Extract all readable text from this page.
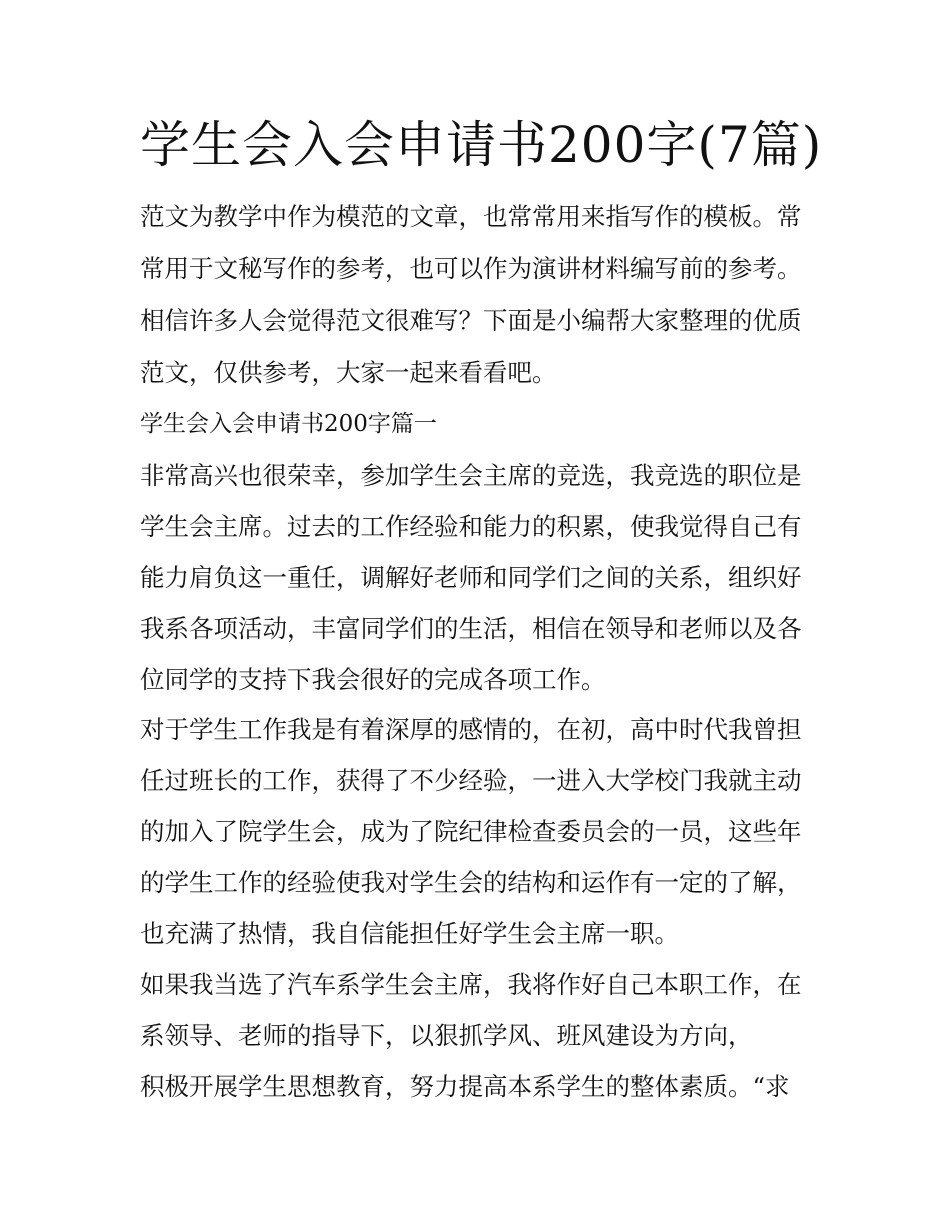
学生会入会申请书200字(7篇)

范文为教学中作为模范的文章，也常常用来指写作的模板。常

常用于文秘写作的参考，也可以作为演讲材料编写前的参考。

相信许多人会觉得范文很难写？下面是小编帮大家整理的优质

范文，仅供参考，大家一起来看看吧。

学生会入会申请书200字篇一

非常高兴也很荣幸，参加学生会主席的竞选，我竞选的职位是

学生会主席。过去的工作经验和能力的积累，使我觉得自己有

能力肩负这一重任，调解好老师和同学们之间的关系，组织好

我系各项活动，丰富同学们的生活，相信在领导和老师以及各

位同学的支持下我会很好的完成各项工作。

对于学生工作我是有着深厚的感情的，在初，高中时代我曾担

任过班长的工作，获得了不少经验，一进入大学校门我就主动

的加入了院学生会，成为了院纪律检查委员会的一员，这些年

的学生工作的经验使我对学生会的结构和运作有一定的了解，

也充满了热情，我自信能担任好学生会主席一职。

如果我当选了汽车系学生会主席，我将作好自己本职工作，在

系领导、老师的指导下，以狠抓学风、班风建设为方向，

积极开展学生思想教育，努力提高本系学生的整体素质。“求
